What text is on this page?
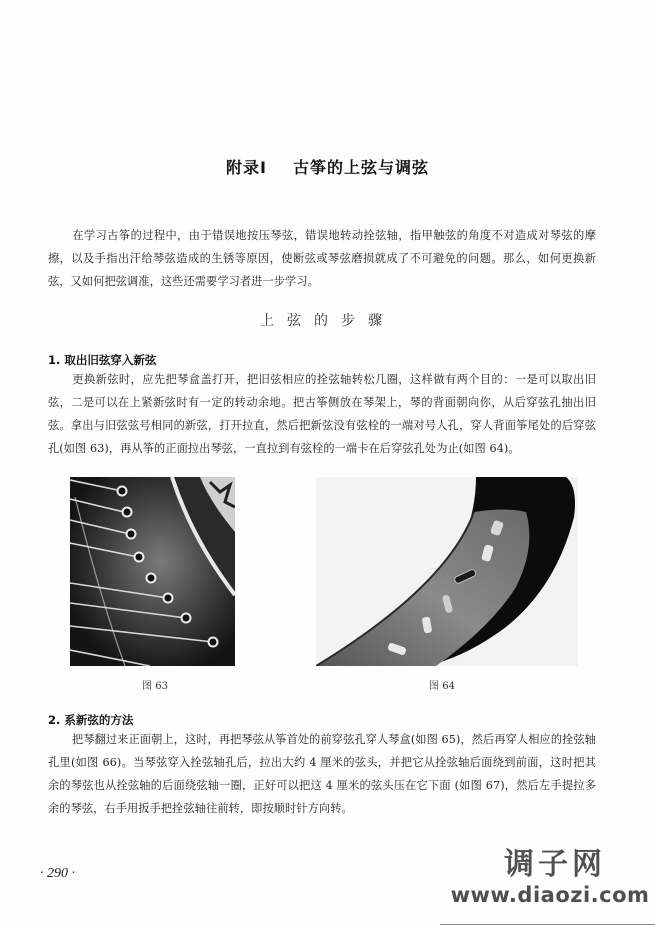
附录Ⅰ 古筝的上弦与调弦
在学习古筝的过程中，由于错误地按压琴弦，错误地转动拴弦轴，指甲触弦的角度不对造成对琴弦的摩擦，以及手指出汗给琴弦造成的生锈等原因，使断弦或琴弦磨损就成了不可避免的问题。那么，如何更换新弦，又如何把弦调准，这些还需要学习者进一步学习。
上弦的步骤
1. 取出旧弦穿入新弦
更换新弦时，应先把琴盒盖打开，把旧弦相应的拴弦轴转松几圈，这样做有两个目的：一是可以取出旧弦，二是可以在上紧新弦时有一定的转动余地。把古筝侧放在琴架上，琴的背面朝向你，从后穿弦孔抽出旧弦。拿出与旧弦弦号相同的新弦，打开拉直，然后把新弦没有弦栓的一端对号人孔，穿人背面筝尾处的后穿弦孔(如图 63)，再从筝的正面拉出琴弦，一直拉到有弦栓的一端卡在后穿弦孔处为止(如图 64)。
图 63	图 64
2. 系新弦的方法
把琴翻过来正面朝上，这时，再把琴弦从筝首处的前穿弦孔穿人琴盒(如图 65)，然后再穿人相应的拴弦轴孔里(如图 66)。当琴弦穿入拴弦轴孔后，拉出大约 4 厘米的弦头，并把它从拴弦轴后面绕到前面，这时把其余的琴弦也从拴弦轴的后面绕弦轴一圈，正好可以把这 4 厘米的弦头压在它下面 (如图 67)，然后左手提拉多余的琴弦，右手用扳手把拴弦轴往前转，即按顺时针方向转。
· 290 ·	调子网
www.diaozi.com
